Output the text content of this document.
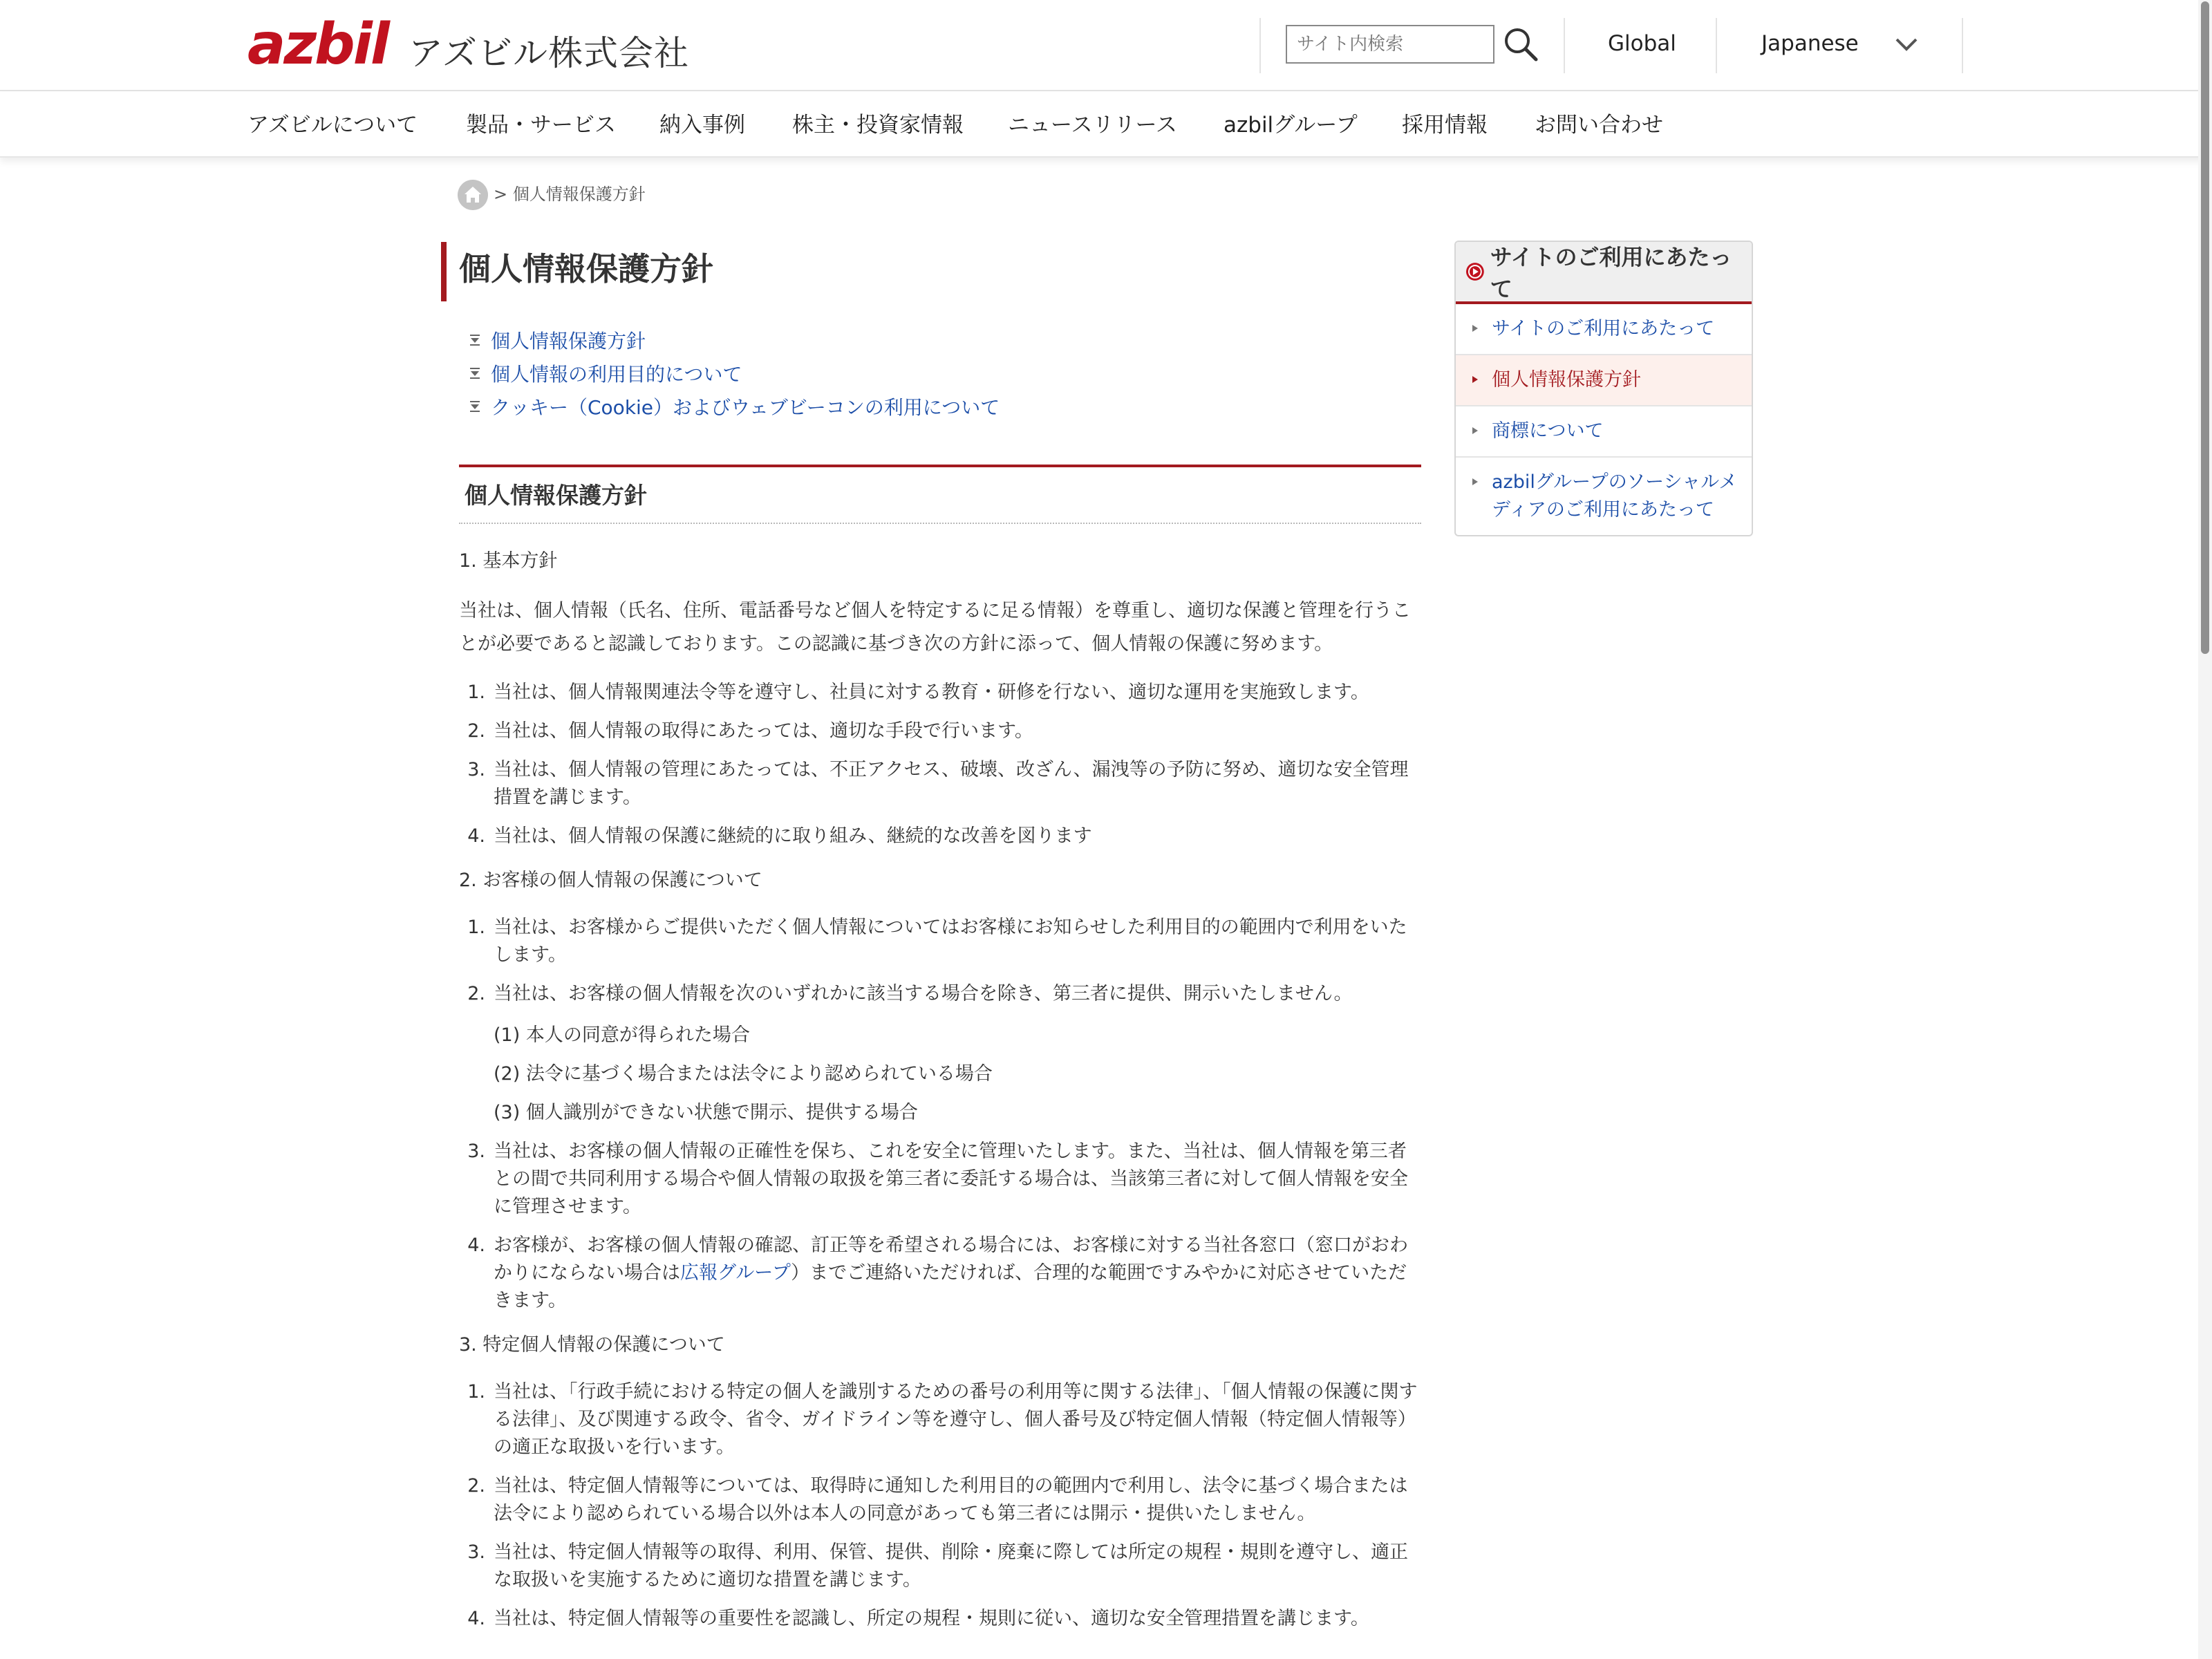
azbil アズビル株式会社
サイト内検索	Global	Japanese
アズビルについて 製品・サービス 納入事例 株主・投資家情報 ニュースリリース azbilグループ 採用情報 お問い合わせ
> 個人情報保護方針
個人情報保護方針
個人情報保護方針
個人情報の利用目的について
クッキー（Cookie）およびウェブビーコンの利用について
個人情報保護方針

1. 基本方針

当社は、個人情報（氏名、住所、電話番号など個人を特定するに足る情報）を尊重し、適切な保護と管理を行うことが必要であると認識しております。この認識に基づき次の方針に添って、個人情報の保護に努めます。

1. 当社は、個人情報関連法令等を遵守し、社員に対する教育・研修を行ない、適切な運用を実施致します。
2. 当社は、個人情報の取得にあたっては、適切な手段で行います。
3. 当社は、個人情報の管理にあたっては、不正アクセス、破壊、改ざん、漏洩等の予防に努め、適切な安全管理措置を講じます。
4. 当社は、個人情報の保護に継続的に取り組み、継続的な改善を図ります

2. お客様の個人情報の保護について

1. 当社は、お客様からご提供いただく個人情報についてはお客様にお知らせした利用目的の範囲内で利用をいたします。
2. 当社は、お客様の個人情報を次のいずれかに該当する場合を除き、第三者に提供、開示いたしません。
(1) 本人の同意が得られた場合
(2) 法令に基づく場合または法令により認められている場合
(3) 個人識別ができない状態で開示、提供する場合
3. 当社は、お客様の個人情報の正確性を保ち、これを安全に管理いたします。また、当社は、個人情報を第三者との間で共同利用する場合や個人情報の取扱を第三者に委託する場合は、当該第三者に対して個人情報を安全に管理させます。
4. お客様が、お客様の個人情報の確認、訂正等を希望される場合には、お客様に対する当社各窓口（窓口がおわかりにならない場合は広報グループ）までご連絡いただければ、合理的な範囲ですみやかに対応させていただきます。

3. 特定個人情報の保護について

1. 当社は、「行政手続における特定の個人を識別するための番号の利用等に関する法律」、「個人情報の保護に関する法律」、及び関連する政令、省令、ガイドライン等を遵守し、個人番号及び特定個人情報（特定個人情報等）の適正な取扱いを行います。
2. 当社は、特定個人情報等については、取得時に通知した利用目的の範囲内で利用し、法令に基づく場合または法令により認められている場合以外は本人の同意があっても第三者には開示・提供いたしません。
3. 当社は、特定個人情報等の取得、利用、保管、提供、削除・廃棄に際しては所定の規程・規則を遵守し、適正な取扱いを実施するために適切な措置を講じます。
4. 当社は、特定個人情報等の重要性を認識し、所定の規程・規則に従い、適切な安全管理措置を講じます。
サイトのご利用にあたって
サイトのご利用にあたって
個人情報保護方針
商標について
azbilグループのソーシャルメディアのご利用にあたって
